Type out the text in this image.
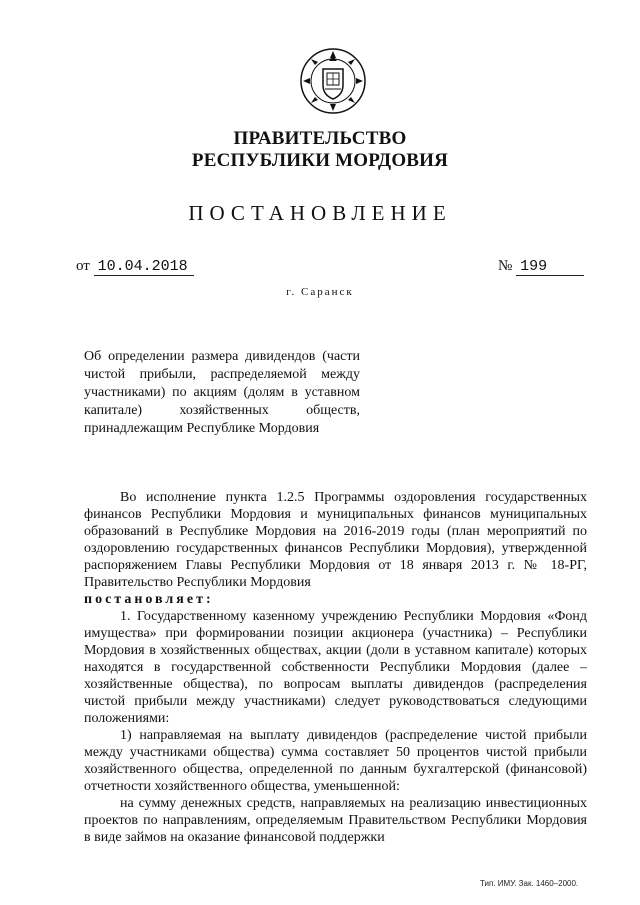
ПРАВИТЕЛЬСТВО
РЕСПУБЛИКИ МОРДОВИЯ
ПОСТАНОВЛЕНИЕ
от 10.04.2018	№ 199
г. Саранск
Об определении размера дивидендов (части чистой прибыли, распределяемой между участниками) по акциям (долям в уставном капитале) хозяйственных обществ, принадлежащим Республике Мордовия

Во исполнение пункта 1.2.5 Программы оздоровления государственных финансов Республики Мордовия и муниципальных финансов муниципальных образований в Республике Мордовия на 2016-2019 годы (план мероприятий по оздоровлению государственных финансов Республики Мордовия), утвержденной распоряжением Главы Республики Мордовия от 18 января 2013 г. № 18-РГ, Правительство Республики Мордовия

постановляет:

1. Государственному казенному учреждению Республики Мордовия «Фонд имущества» при формировании позиции акционера (участника) – Республики Мордовия в хозяйственных обществах, акции (доли в уставном капитале) которых находятся в государственной собственности Республики Мордовия (далее – хозяйственные общества), по вопросам выплаты дивидендов (распределения чистой прибыли между участниками) следует руководствоваться следующими положениями:

1) направляемая на выплату дивидендов (распределение чистой прибыли между участниками общества) сумма составляет 50 процентов чистой прибыли хозяйственного общества, определенной по данным бухгалтерской (финансовой) отчетности хозяйственного общества, уменьшенной:

на сумму денежных средств, направляемых на реализацию инвестиционных проектов по направлениям, определяемым Правительством Республики Мордовия в виде займов на оказание финансовой поддержки

Тип. ИМУ. Зак. 1460–2000.
